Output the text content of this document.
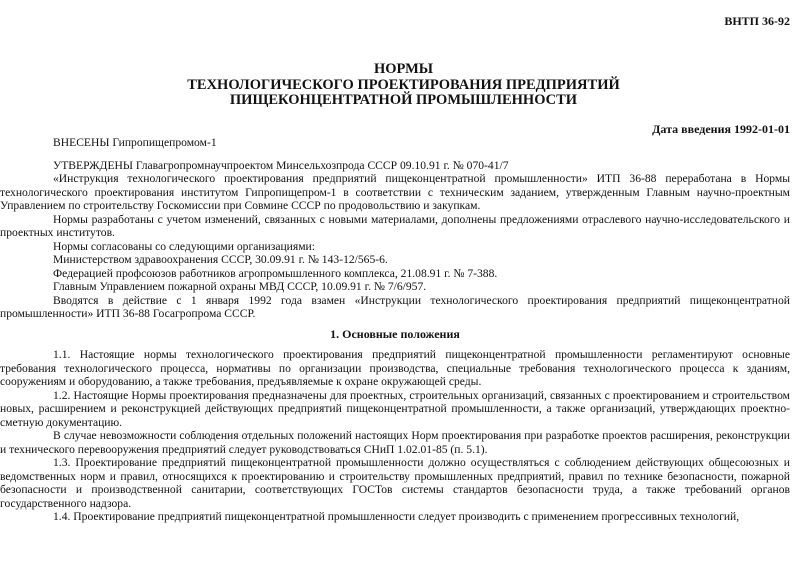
ВНТП 36-92
НОРМЫ
ТЕХНОЛОГИЧЕСКОГО ПРОЕКТИРОВАНИЯ ПРЕДПРИЯТИЙ
ПИЩЕКОНЦЕНТРАТНОЙ ПРОМЫШЛЕННОСТИ
Дата введения 1992-01-01

ВНЕСЕНЫ Гипропищепромом-1

УТВЕРЖДЕНЫ Главагропромнаучпроектом Минсельхозпрода СССР 09.10.91 г. № 070-41/7

«Инструкция технологического проектирования предприятий пищеконцентратной промышленности» ИТП 36-88 переработана в Нормы технологического проектирования институтом Гипропищепром-1 в соответствии с техническим заданием, утвержденным Главным научно-проектным Управлением по строительству Госкомиссии при Совмине СССР по продовольствию и закупкам.

Нормы разработаны с учетом изменений, связанных с новыми материалами, дополнены предложениями отраслевого научно-исследовательского и проектных институтов.

Нормы согласованы со следующими организациями:

Министерством здравоохранения СССР, 30.09.91 г. № 143-12/565-6.

Федерацией профсоюзов работников агропромышленного комплекса, 21.08.91 г. № 7-388.

Главным Управлением пожарной охраны МВД СССР, 10.09.91 г. № 7/6/957.

Вводятся в действие с 1 января 1992 года взамен «Инструкции технологического проектирования предприятий пищеконцентратной промышленности» ИТП 36-88 Госагропрома СССР.

1. Основные положения

1.1. Настоящие нормы технологического проектирования предприятий пищеконцентратной промышленности регламентируют основные требования технологического процесса, нормативы по организации производства, специальные требования технологического процесса к зданиям, сооружениям и оборудованию, а также требования, предъявляемые к охране окружающей среды.

1.2. Настоящие Нормы проектирования предназначены для проектных, строительных организаций, связанных с проектированием и строительством новых, расширением и реконструкцией действующих предприятий пищеконцентратной промышленности, а также организаций, утверждающих проектно-сметную документацию.

В случае невозможности соблюдения отдельных положений настоящих Норм проектирования при разработке проектов расширения, реконструкции и технического перевооружения предприятий следует руководствоваться СНиП 1.02.01-85 (п. 5.1).

1.3. Проектирование предприятий пищеконцентратной промышленности должно осуществляться с соблюдением действующих общесоюзных и ведомственных норм и правил, относящихся к проектированию и строительству промышленных предприятий, правил по технике безопасности, пожарной безопасности и производственной санитарии, соответствующих ГОСТов системы стандартов безопасности труда, а также требований органов государственного надзора.

1.4. Проектирование предприятий пищеконцентратной промышленности следует производить с применением прогрессивных технологий,
